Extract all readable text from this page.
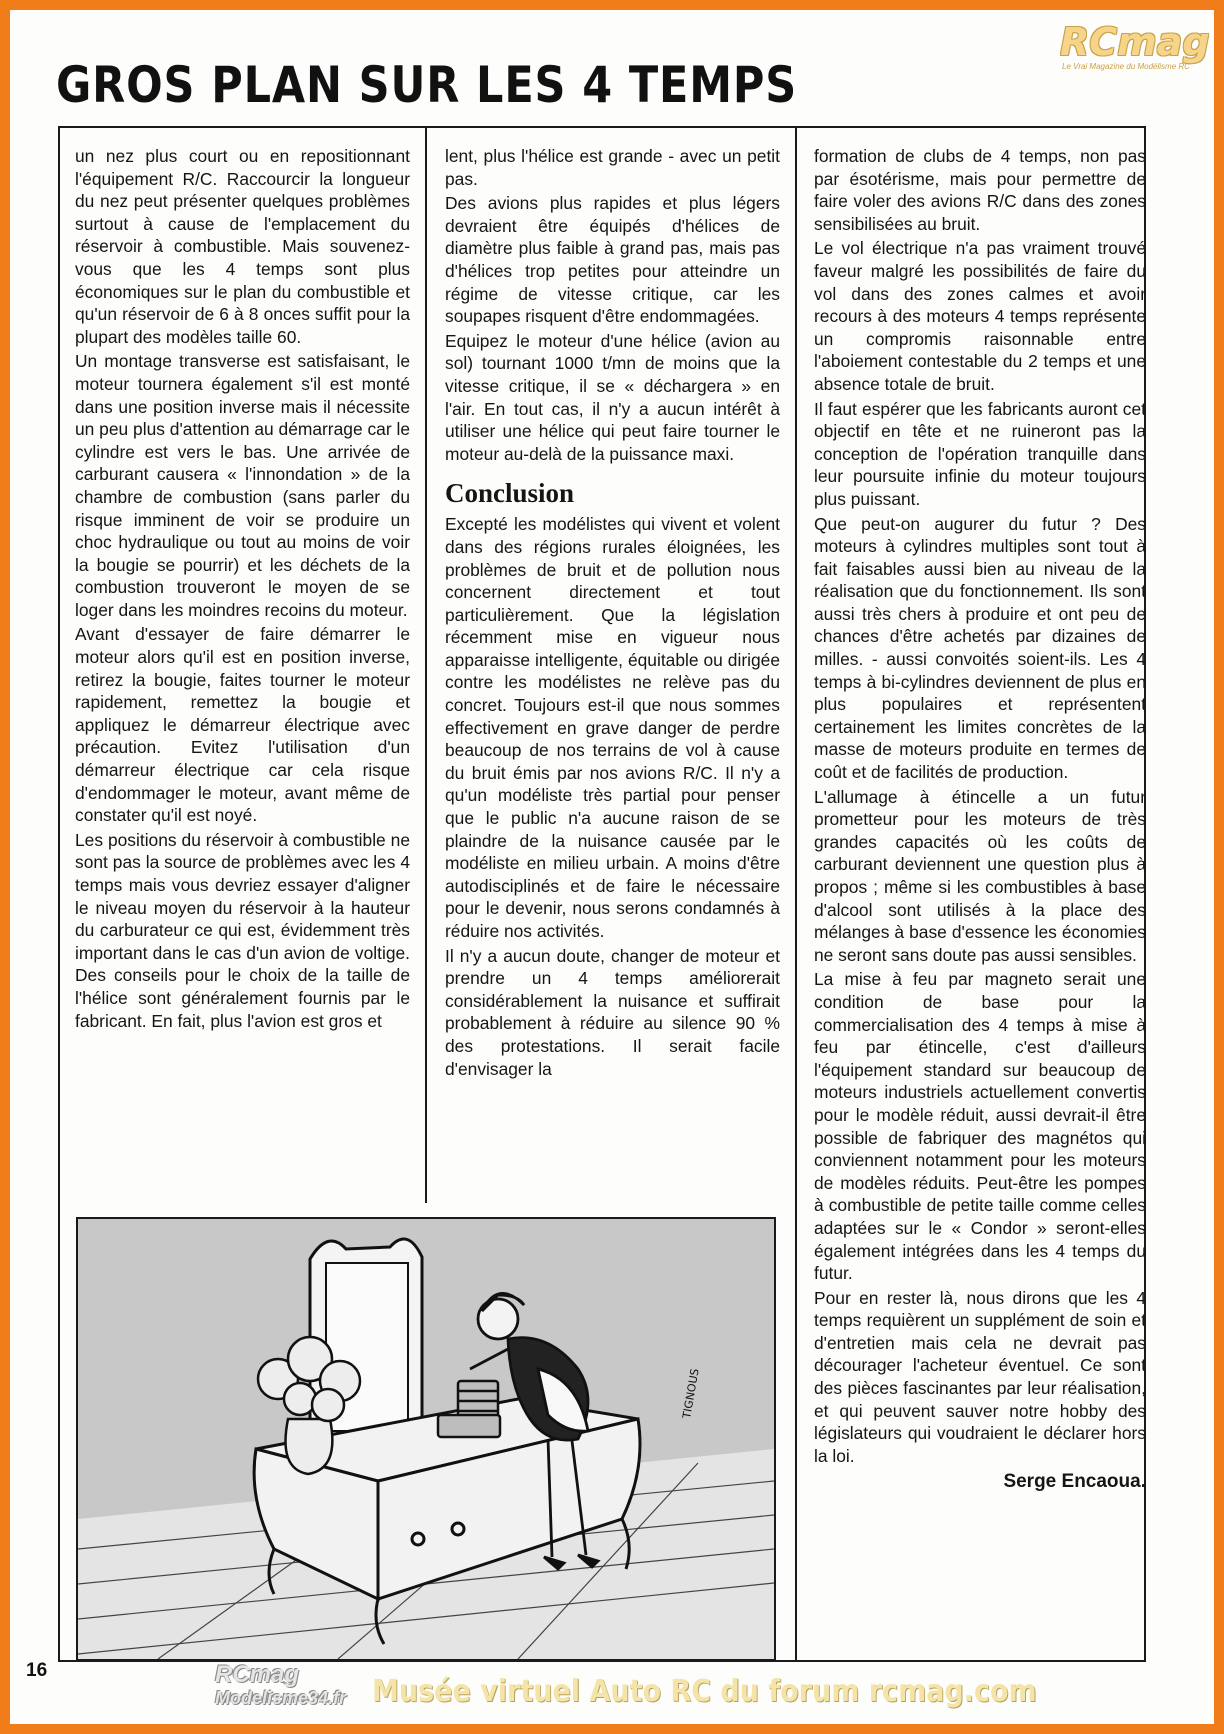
RCmag
Le Vrai Magazine du Modélisme RC
GROS PLAN SUR LES 4 TEMPS

un nez plus court ou en repositionnant l'équipement R/C. Raccourcir la longueur du nez peut présenter quelques problèmes surtout à cause de l'emplacement du réservoir à combustible. Mais souvenez-vous que les 4 temps sont plus économiques sur le plan du combustible et qu'un réservoir de 6 à 8 onces suffit pour la plupart des modèles taille 60.

Un montage transverse est satisfaisant, le moteur tournera également s'il est monté dans une position inverse mais il nécessite un peu plus d'attention au démarrage car le cylindre est vers le bas. Une arrivée de carburant causera « l'innondation » de la chambre de combustion (sans parler du risque imminent de voir se produire un choc hydraulique ou tout au moins de voir la bougie se pourrir) et les déchets de la combustion trouveront le moyen de se loger dans les moindres recoins du moteur.

Avant d'essayer de faire démarrer le moteur alors qu'il est en position inverse, retirez la bougie, faites tourner le moteur rapidement, remettez la bougie et appliquez le démarreur électrique avec précaution. Evitez l'utilisation d'un démarreur électrique car cela risque d'endommager le moteur, avant même de constater qu'il est noyé.

Les positions du réservoir à combustible ne sont pas la source de problèmes avec les 4 temps mais vous devriez essayer d'aligner le niveau moyen du réservoir à la hauteur du carburateur ce qui est, évidemment très important dans le cas d'un avion de voltige. Des conseils pour le choix de la taille de l'hélice sont généralement fournis par le fabricant. En fait, plus l'avion est gros et

lent, plus l'hélice est grande - avec un petit pas.

Des avions plus rapides et plus légers devraient être équipés d'hélices de diamètre plus faible à grand pas, mais pas d'hélices trop petites pour atteindre un régime de vitesse critique, car les soupapes risquent d'être endommagées.

Equipez le moteur d'une hélice (avion au sol) tournant 1000 t/mn de moins que la vitesse critique, il se « déchargera » en l'air. En tout cas, il n'y a aucun intérêt à utiliser une hélice qui peut faire tourner le moteur au-delà de la puissance maxi.

Conclusion

Excepté les modélistes qui vivent et volent dans des régions rurales éloignées, les problèmes de bruit et de pollution nous concernent directement et tout particulièrement. Que la législation récemment mise en vigueur nous apparaisse intelligente, équitable ou dirigée contre les modélistes ne relève pas du concret. Toujours est-il que nous sommes effectivement en grave danger de perdre beaucoup de nos terrains de vol à cause du bruit émis par nos avions R/C. Il n'y a qu'un modéliste très partial pour penser que le public n'a aucune raison de se plaindre de la nuisance causée par le modéliste en milieu urbain. A moins d'être autodisciplinés et de faire le nécessaire pour le devenir, nous serons condamnés à réduire nos activités.

Il n'y a aucun doute, changer de moteur et prendre un 4 temps améliorerait considérablement la nuisance et suffirait probablement à réduire au silence 90 % des protestations. Il serait facile d'envisager la

formation de clubs de 4 temps, non pas par ésotérisme, mais pour permettre de faire voler des avions R/C dans des zones sensibilisées au bruit.

Le vol électrique n'a pas vraiment trouvé faveur malgré les possibilités de faire du vol dans des zones calmes et avoir recours à des moteurs 4 temps représente un compromis raisonnable entre l'aboiement contestable du 2 temps et une absence totale de bruit.

Il faut espérer que les fabricants auront cet objectif en tête et ne ruineront pas la conception de l'opération tranquille dans leur poursuite infinie du moteur toujours plus puissant.

Que peut-on augurer du futur ? Des moteurs à cylindres multiples sont tout à fait faisables aussi bien au niveau de la réalisation que du fonctionnement. Ils sont aussi très chers à produire et ont peu de chances d'être achetés par dizaines de milles. - aussi convoités soient-ils. Les 4 temps à bi-cylindres deviennent de plus en plus populaires et représentent certainement les limites concrètes de la masse de moteurs produite en termes de coût et de facilités de production.

L'allumage à étincelle a un futur prometteur pour les moteurs de très grandes capacités où les coûts de carburant deviennent une question plus à propos ; même si les combustibles à base d'alcool sont utilisés à la place des mélanges à base d'essence les économies ne seront sans doute pas aussi sensibles.

La mise à feu par magneto serait une condition de base pour la commercialisation des 4 temps à mise à feu par étincelle, c'est d'ailleurs l'équipement standard sur beaucoup de moteurs industriels actuellement convertis pour le modèle réduit, aussi devrait-il être possible de fabriquer des magnétos qui conviennent notamment pour les moteurs de modèles réduits. Peut-être les pompes à combustible de petite taille comme celles adaptées sur le « Condor » seront-elles également intégrées dans les 4 temps du futur.

Pour en rester là, nous dirons que les 4 temps requièrent un supplément de soin et d'entretien mais cela ne devrait pas décourager l'acheteur éventuel. Ce sont des pièces fascinantes par leur réalisation, et qui peuvent sauver notre hobby des législateurs qui voudraient le déclarer hors la loi.

Serge Encaoua.
TIGNOUS
16	RCmag
Modelisme34.fr Musée virtuel Auto RC du forum rcmag.com
